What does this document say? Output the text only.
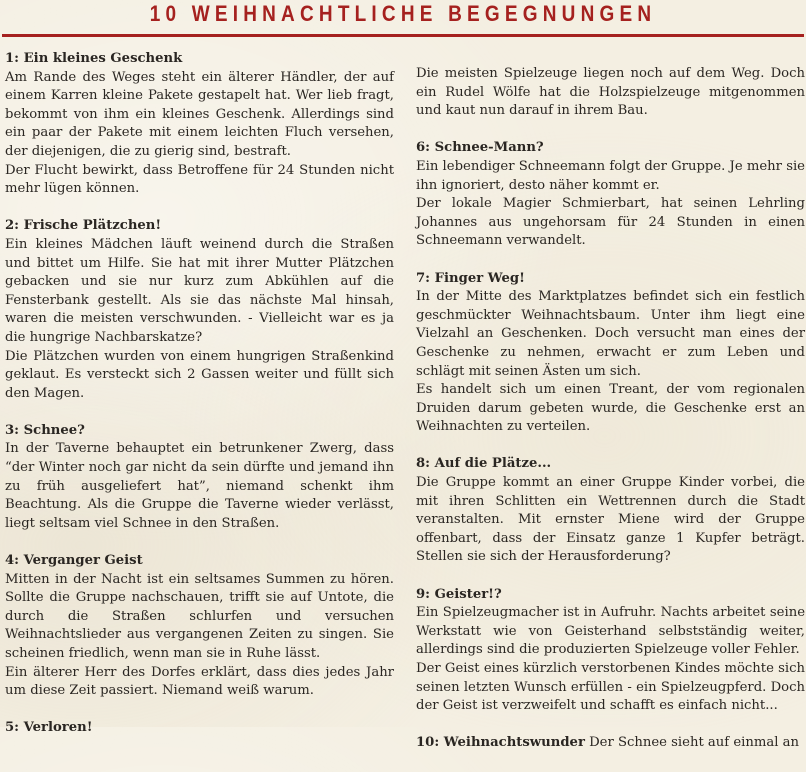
10 WEIHNACHTLICHE BEGEGNUNGEN
1: Ein kleines Geschenk

Am Rande des Weges steht ein älterer Händler, der auf einem Karren kleine Pakete gestapelt hat. Wer lieb fragt, bekommt von ihm ein kleines Geschenk. Allerdings sind ein paar der Pakete mit einem leichten Fluch versehen, der diejenigen, die zu gierig sind, bestraft.

Der Flucht bewirkt, dass Betroffene für 24 Stunden nicht mehr lügen können.

2: Frische Plätzchen!

Ein kleines Mädchen läuft weinend durch die Straßen und bittet um Hilfe. Sie hat mit ihrer Mutter Plätzchen gebacken und sie nur kurz zum Abkühlen auf die Fensterbank gestellt. Als sie das nächste Mal hinsah, waren die meisten verschwunden. - Vielleicht war es ja die hungrige Nachbarskatze?

Die Plätzchen wurden von einem hungrigen Straßenkind geklaut. Es versteckt sich 2 Gassen weiter und füllt sich den Magen.

3: Schnee?

In der Taverne behauptet ein betrunkener Zwerg, dass “der Winter noch gar nicht da sein dürfte und jemand ihn zu früh ausgeliefert hat”, niemand schenkt ihm Beachtung. Als die Gruppe die Taverne wieder verlässt, liegt seltsam viel Schnee in den Straßen.

4: Verganger Geist

Mitten in der Nacht ist ein seltsames Summen zu hören. Sollte die Gruppe nachschauen, trifft sie auf Untote, die durch die Straßen schlurfen und versuchen Weihnachtslieder aus vergangenen Zeiten zu singen. Sie scheinen friedlich, wenn man sie in Ruhe lässt.

Ein älterer Herr des Dorfes erklärt, dass dies jedes Jahr um diese Zeit passiert. Niemand weiß warum.

5: Verloren!

Die meisten Spielzeuge liegen noch auf dem Weg. Doch ein Rudel Wölfe hat die Holzspielzeuge mitgenommen und kaut nun darauf in ihrem Bau.

6: Schnee-Mann?

Ein lebendiger Schneemann folgt der Gruppe. Je mehr sie ihn ignoriert, desto näher kommt er.

Der lokale Magier Schmierbart, hat seinen Lehrling Johannes aus ungehorsam für 24 Stunden in einen Schneemann verwandelt.

7: Finger Weg!

In der Mitte des Marktplatzes befindet sich ein festlich geschmückter Weihnachtsbaum. Unter ihm liegt eine Vielzahl an Geschenken. Doch versucht man eines der Geschenke zu nehmen, erwacht er zum Leben und schlägt mit seinen Ästen um sich.

Es handelt sich um einen Treant, der vom regionalen Druiden darum gebeten wurde, die Geschenke erst an Weihnachten zu verteilen.

8: Auf die Plätze...

Die Gruppe kommt an einer Gruppe Kinder vorbei, die mit ihren Schlitten ein Wettrennen durch die Stadt veranstalten. Mit ernster Miene wird der Gruppe offenbart, dass der Einsatz ganze 1 Kupfer beträgt. Stellen sie sich der Herausforderung?

9: Geister!?

Ein Spielzeugmacher ist in Aufruhr. Nachts arbeitet seine Werkstatt wie von Geisterhand selbstständig weiter, allerdings sind die produzierten Spielzeuge voller Fehler.

Der Geist eines kürzlich verstorbenen Kindes möchte sich seinen letzten Wunsch erfüllen - ein Spielzeugpferd. Doch der Geist ist verzweifelt und schafft es einfach nicht...

10: Weihnachtswunder Der Schnee sieht auf einmal an
